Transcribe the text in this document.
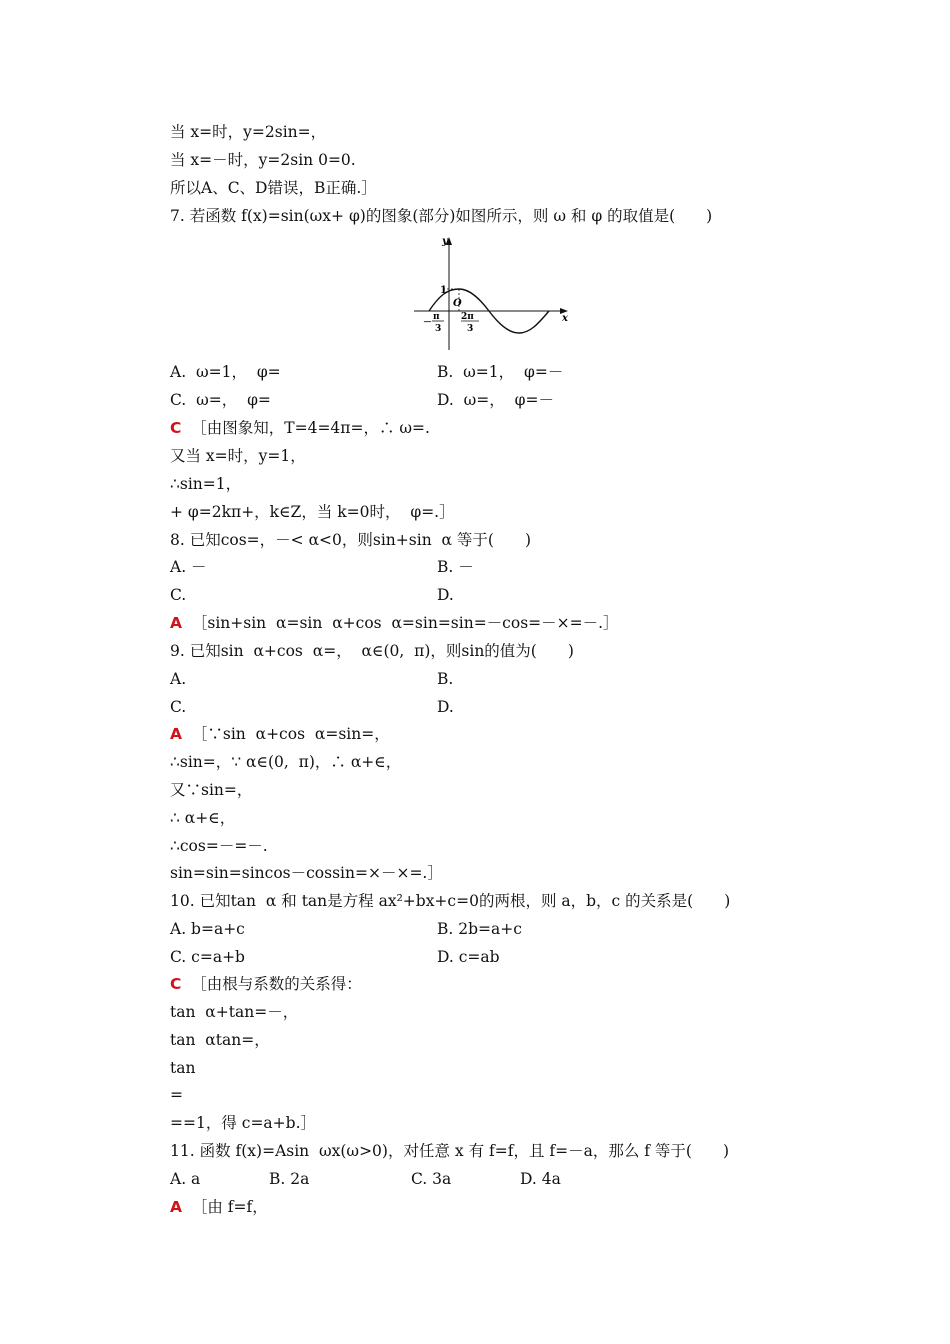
当 x=时，y=2sin=，
当 x=－时，y=2sin 0=0.
所以A、C、D错误，B正确.］
7. 若函数 f(x)=sin(ωx+ φ)的图象(部分)如图所示，则 ω 和 φ 的取值是(　　)
y
x
O
1
－
π
3
2π
3
A.  ω=1，  φ=	B.  ω=1，  φ=－
C.  ω=，  φ=	D.  ω=，  φ=－
C ［由图象知，T=4=4π=，∴ ω=.
又当 x=时，y=1，
∴sin=1，
+ φ=2kπ+，k∈Z，当 k=0时，  φ=.］
8. 已知cos=，－< α<0，则sin+sin  α 等于(　　)
A. －	B. －
C.	D.
A ［sin+sin  α=sin  α+cos  α=sin=sin=－cos=－×=－.］
9. 已知sin  α+cos  α=，  α∈(0,  π)，则sin的值为(　　)
A.	B.
C.	D.
A ［∵sin  α+cos  α=sin=，
∴sin=，∵ α∈(0,  π)，∴ α+∈，
又∵sin=，
∴ α+∈，
∴cos=－=－.
sin=sin=sincos－cossin=×－×=.］
10. 已知tan  α 和 tan是方程 ax²+bx+c=0的两根，则 a，b，c 的关系是(　　)
A. b=a+c	B. 2b=a+c
C. c=a+b	D. c=ab
C ［由根与系数的关系得：
tan  α+tan=－，
tan  αtan=，
tan
=
==1，得 c=a+b.］
11. 函数 f(x)=Asin  ωx(ω>0)，对任意 x 有 f=f，且 f=－a，那么 f 等于(　　)
A. a	B. 2a	C. 3a	D. 4a
A ［由 f=f，
